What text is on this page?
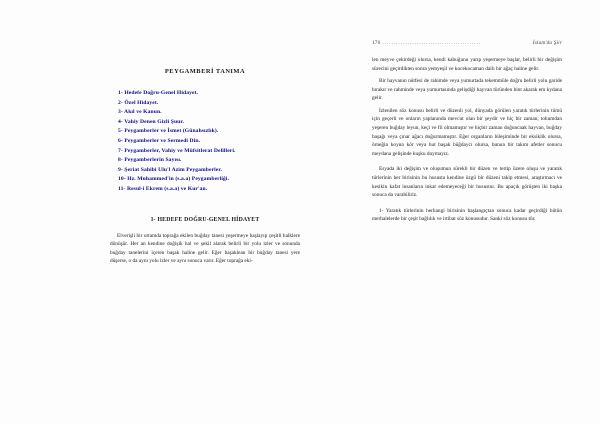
176 ...........................................	İslam'da Şiir
PEYGAMBERİ TANIMA
1- Hedefe Doğru-Genel Hidayet.
2- Özel Hidayet.
3- Akıl ve Kanun.
4- Vahiy Denen Gizli Şuur.
5- Peygamberler ve İsmet (Günahsızlık).
6- Peygamberler ve Sermedi Din.
7- Peygamberler, Vahiy ve Müfsitlerat Delilleri.
8- Peygamberlerin Sayısı.
9- Şeriat Sahibi Ulu'l Azim Peygamberler.
10- Hz. Muhammed'in (s.a.a) Peygamberliği.
11- Resul-i Ekrem (s.a.a) ve Kur'an.
1- HEDEFE DOĞRU-GENEL HİDAYET

Elverişli bir ortamda toprağa ekilen buğday tanesi yeşermeye başlayıp çeşitli halklere dönüşür. Her an kendine doğişik hal ve şekil alarak belirli bir yolu izler ve sonunda buğday tanelerini içeren başak haline gelir. Eğer başaklean bir buğday tanesi yere düşerse, o da aynı yolu izler ve aynı sonuca varır. Eğer toprağa eki-

len meyve çekirdeği olursa, kendi kabuğunu yarıp yeşermeye başlar, belirli bir değişim sürecini geçirdikten sonra yemyeşil ve kocekocaman dallı bir ağaç haline gelir.

Bir hayvanın nütfesi de rahimde veya yumurtada tekemmüle doğru belirli yolu garide bırakır ve rahminde veya yumurtasında gelişdiği hayvan türünden bint akarak em kydana gelir.

İzlenilen söz konusu belirli ve düzenli yol, dünyada görülen yaratık türlerinin tümü için geçerli ve onların yaplanında mevcut olan bir şeydir ve hiç bir zaman, tohumdan yeşeren buğday leyun, keçi ve fil olmamıştır ve hiçbir zaman doğuncaak hayvan, buğday başağı veya çınar ağacı doğurmamıştır. Eğer organların bileşiminde bir eksiklik olursa, örneğin koyun kör veya hut başak büğdaycı olursa, bunun bir takım afetler sonucu meydana gelişinde kuşku duymayız.

Esyada iki değişim ve oluşumun sürekli bir düzen ve tertip üzere oluşu ve yaratık türlerinin her birisinin bu hususta kendine özgü bir düzeni takip etmesi, araştırmacı ve kesikin kafat insanların inkar edemeyeceği bir husustur. Bu apaçık görüşten iki başka sonuca da varabiliriz.

1- Yaratık türlerinin herhangi birisinin başlangıçtan sonuca kadar geçirdiği bütün merhalelerde bir çeşit bağlılık ve irtibat söz konusudur. Sanki söz konusu tür.
